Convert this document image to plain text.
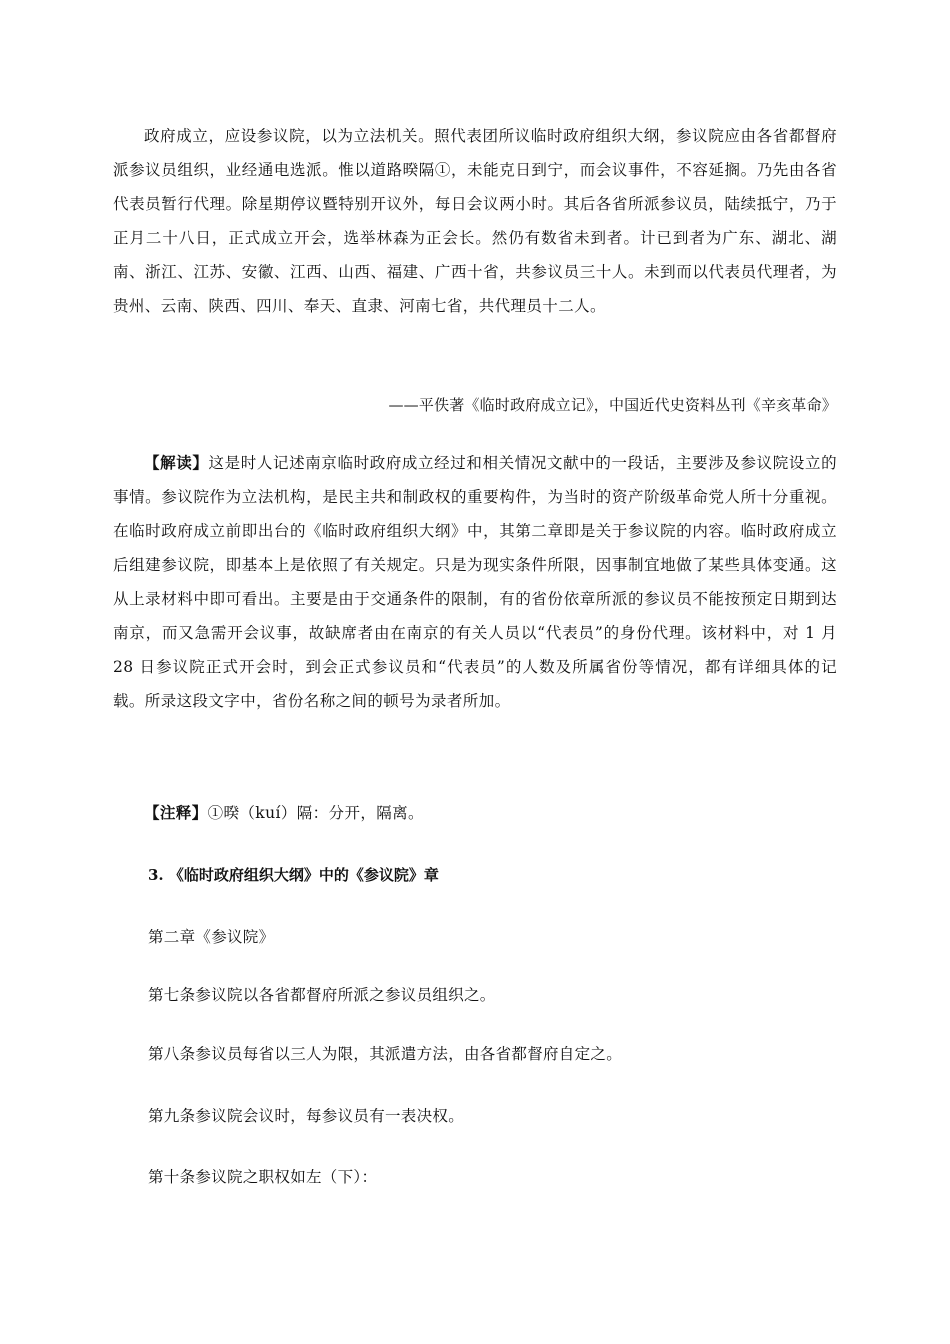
政府成立，应设参议院，以为立法机关。照代表团所议临时政府组织大纲，参议院应由各省都督府派参议员组织，业经通电选派。惟以道路暌隔①，未能克日到宁，而会议事件，不容延搁。乃先由各省代表员暂行代理。除星期停议暨特别开议外，每日会议两小时。其后各省所派参议员，陆续抵宁，乃于正月二十八日，正式成立开会，选举林森为正会长。然仍有数省未到者。计已到者为广东、湖北、湖南、浙江、江苏、安徽、江西、山西、福建、广西十省，共参议员三十人。未到而以代表员代理者，为贵州、云南、陕西、四川、奉天、直隶、河南七省，共代理员十二人。

——平佚著《临时政府成立记》，中国近代史资料丛刊《辛亥革命》

【解读】这是时人记述南京临时政府成立经过和相关情况文献中的一段话，主要涉及参议院设立的事情。参议院作为立法机构，是民主共和制政权的重要构件，为当时的资产阶级革命党人所十分重视。在临时政府成立前即出台的《临时政府组织大纲》中，其第二章即是关于参议院的内容。临时政府成立后组建参议院，即基本上是依照了有关规定。只是为现实条件所限，因事制宜地做了某些具体变通。这从上录材料中即可看出。主要是由于交通条件的限制，有的省份依章所派的参议员不能按预定日期到达南京，而又急需开会议事，故缺席者由在南京的有关人员以“代表员”的身份代理。该材料中，对 1 月 28 日参议院正式开会时，到会正式参议员和“代表员”的人数及所属省份等情况，都有详细具体的记载。所录这段文字中，省份名称之间的顿号为录者所加。

【注释】①暌（kuí）隔：分开，隔离。

3. 《临时政府组织大纲》中的《参议院》章

第二章《参议院》

第七条参议院以各省都督府所派之参议员组织之。

第八条参议员每省以三人为限，其派遣方法，由各省都督府自定之。

第九条参议院会议时，每参议员有一表决权。

第十条参议院之职权如左（下）：
